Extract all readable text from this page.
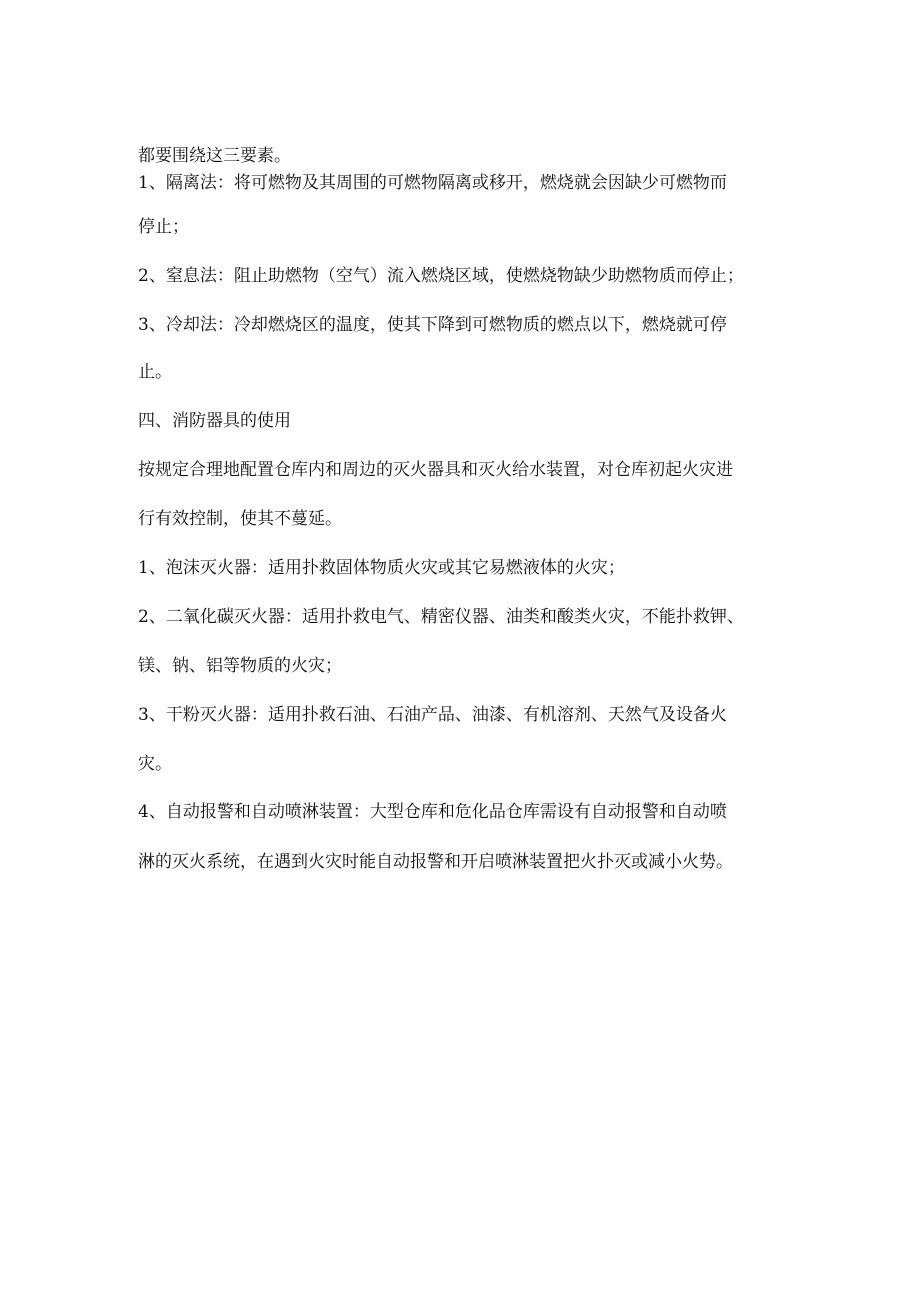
都要围绕这三要素。
1、隔离法：将可燃物及其周围的可燃物隔离或移开，燃烧就会因缺少可燃物而
停止；
2、窒息法：阻止助燃物（空气）流入燃烧区域，使燃烧物缺少助燃物质而停止；
3、冷却法：冷却燃烧区的温度，使其下降到可燃物质的燃点以下，燃烧就可停
止。
四、消防器具的使用
按规定合理地配置仓库内和周边的灭火器具和灭火给水装置，对仓库初起火灾进
行有效控制，使其不蔓延。
1、泡沫灭火器：适用扑救固体物质火灾或其它易燃液体的火灾；
2、二氧化碳灭火器：适用扑救电气、精密仪器、油类和酸类火灾，不能扑救钾、
镁、钠、铝等物质的火灾；
3、干粉灭火器：适用扑救石油、石油产品、油漆、有机溶剂、天然气及设备火
灾。
4、自动报警和自动喷淋装置：大型仓库和危化品仓库需设有自动报警和自动喷
淋的灭火系统，在遇到火灾时能自动报警和开启喷淋装置把火扑灭或减小火势。
